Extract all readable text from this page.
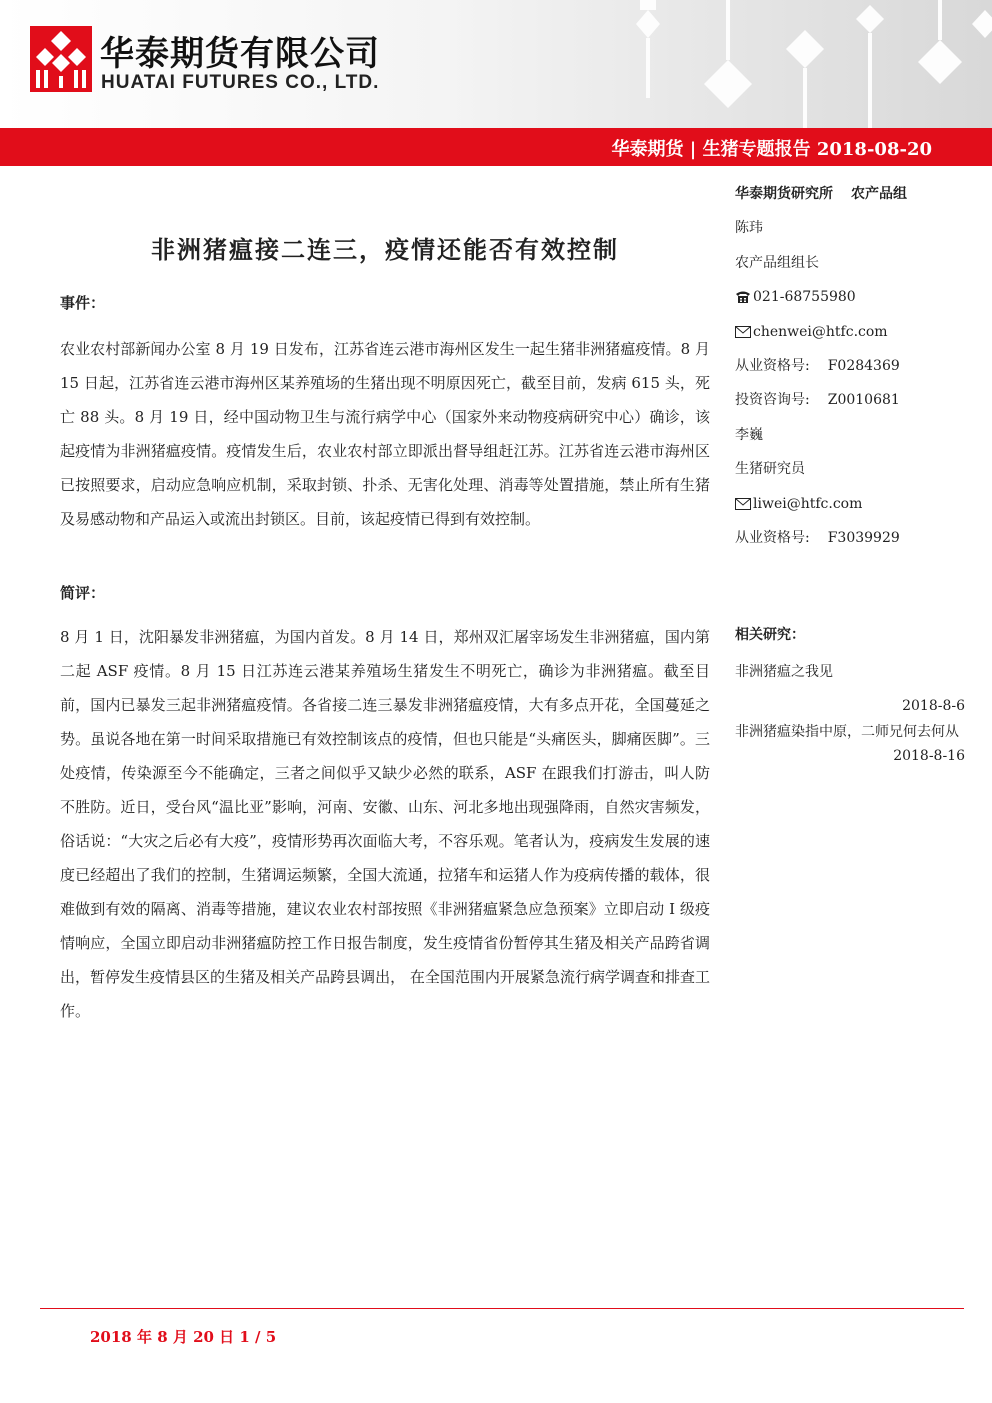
华泰期货有限公司
HUATAI FUTURES CO., LTD.
华泰期货 | 生猪专题报告 2018-08-20
非洲猪瘟接二连三，疫情还能否有效控制
事件：

农业农村部新闻办公室 8 月 19 日发布，江苏省连云港市海州区发生一起生猪非洲猪瘟疫情。8 月 15 日起，江苏省连云港市海州区某养殖场的生猪出现不明原因死亡，截至目前，发病 615 头，死亡 88 头。8 月 19 日，经中国动物卫生与流行病学中心（国家外来动物疫病研究中心）确诊，该起疫情为非洲猪瘟疫情。疫情发生后，农业农村部立即派出督导组赶江苏。江苏省连云港市海州区已按照要求，启动应急响应机制，采取封锁、扑杀、无害化处理、消毒等处置措施，禁止所有生猪及易感动物和产品运入或流出封锁区。目前，该起疫情已得到有效控制。

简评：

8 月 1 日，沈阳暴发非洲猪瘟，为国内首发。8 月 14 日，郑州双汇屠宰场发生非洲猪瘟，国内第二起 ASF 疫情。8 月 15 日江苏连云港某养殖场生猪发生不明死亡，确诊为非洲猪瘟。截至目前，国内已暴发三起非洲猪瘟疫情。各省接二连三暴发非洲猪瘟疫情，大有多点开花，全国蔓延之势。虽说各地在第一时间采取措施已有效控制该点的疫情，但也只能是“头痛医头，脚痛医脚”。三处疫情，传染源至今不能确定，三者之间似乎又缺少必然的联系，ASF 在跟我们打游击，叫人防不胜防。近日，受台风“温比亚”影响，河南、安徽、山东、河北多地出现强降雨，自然灾害频发，俗话说：“大灾之后必有大疫”，疫情形势再次面临大考，不容乐观。笔者认为，疫病发生发展的速度已经超出了我们的控制，生猪调运频繁，全国大流通，拉猪车和运猪人作为疫病传播的载体，很难做到有效的隔离、消毒等措施，建议农业农村部按照《非洲猪瘟紧急应急预案》立即启动 I 级疫情响应，全国立即启动非洲猪瘟防控工作日报告制度，发生疫情省份暂停其生猪及相关产品跨省调出，暂停发生疫情县区的生猪及相关产品跨县调出， 在全国范围内开展紧急流行病学调查和排查工作。

华泰期货研究所 农产品组
陈玮
农产品组组长
021-68755980
chenwei@htfc.com
从业资格号: F0284369
投资咨询号: Z0010681
李巍
生猪研究员
liwei@htfc.com
从业资格号: F3039929
相关研究：
非洲猪瘟之我见
2018-8-6
非洲猪瘟染指中原，二师兄何去何从
2018-8-16
2018 年 8 月 20 日 1 / 5
